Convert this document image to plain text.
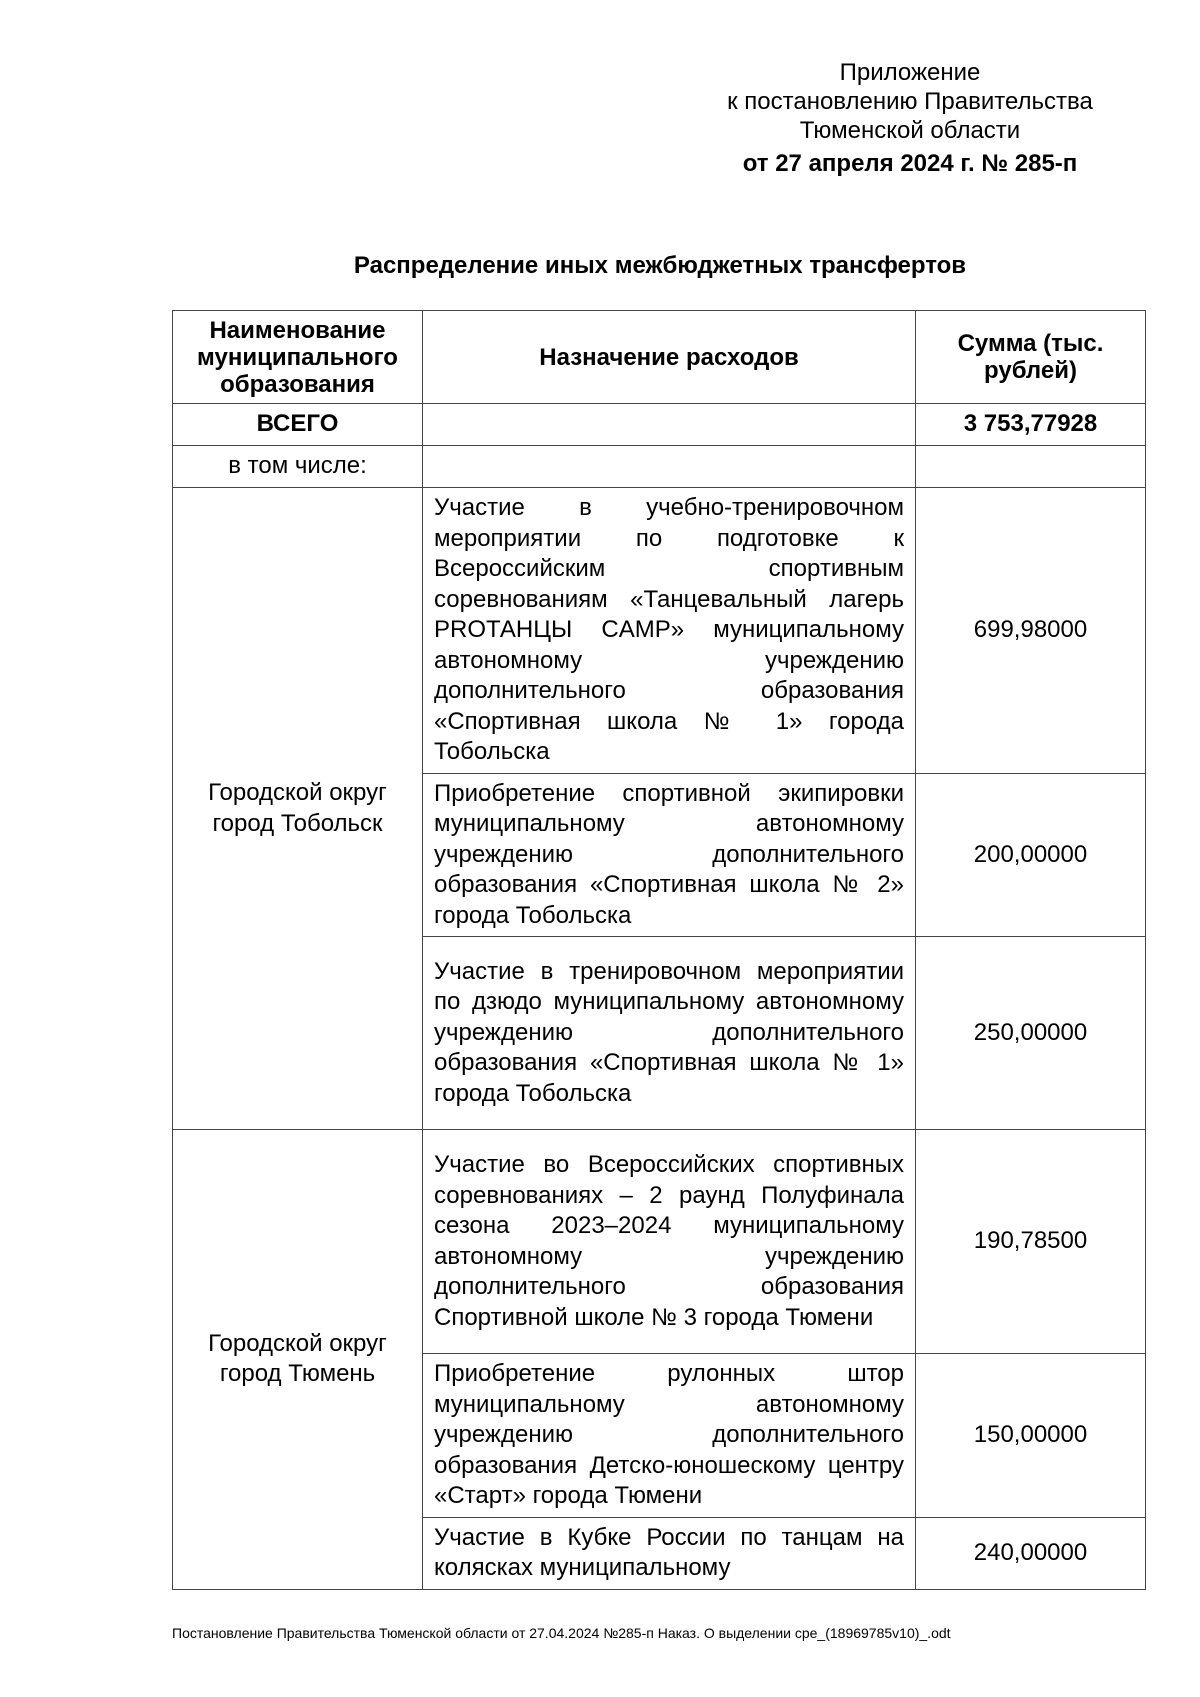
Приложение
к постановлению Правительства
Тюменской области
от 27 апреля 2024 г. № 285-п
Распределение иных межбюджетных трансфертов
Наименование муниципального образования	Назначение расходов	Сумма (тыс. рублей)
ВСЕГО		3 753,77928
в том числе:		
Городской округ город Тобольск	Участие в учебно-тренировочном мероприятии по подготовке к Всероссийским спортивным соревнованиям «Танцевальный лагерь PROТАНЦЫ CAMP» муниципальному автономному учреждению дополнительного образования «Спортивная школа № 1» города Тобольска	699,98000
	Приобретение спортивной экипировки муниципальному автономному учреждению дополнительного образования «Спортивная школа № 2» города Тобольска	200,00000
	Участие в тренировочном мероприятии по дзюдо муниципальному автономному учреждению дополнительного образования «Спортивная школа № 1» города Тобольска	250,00000
Городской округ город Тюмень	Участие во Всероссийских спортивных соревнованиях – 2 раунд Полуфинала сезона 2023–2024 муниципальному автономному учреждению дополнительного образования Спортивной школе № 3 города Тюмени	190,78500
	Приобретение рулонных штор муниципальному автономному учреждению дополнительного образования Детско-юношескому центру «Старт» города Тюмени	150,00000
	Участие в Кубке России по танцам на колясках муниципальному	240,00000
Постановление Правительства Тюменской области от 27.04.2024 №285-п Наказ. О выделении сре_(18969785v10)_.odt
